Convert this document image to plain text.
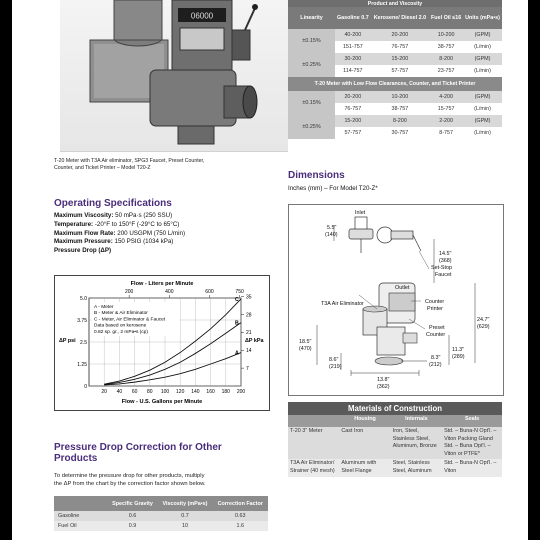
06000
T-20 Meter with T3A Air eliminator, SPG3 Faucet, Preset Counter,
Counter, and Ticket Printer – Model T20-Z
Product and Viscosity				
Linearity	Gasoline 0.7	Kerosene/ Diesel 2.0	Fuel Oil ≤16	Units (mPa•s)
±0.15%	40-200	20-200	10-200	(GPM)
	151-757	76-757	38-757	(L/min)
±0.25%	30-200	15-200	8-200	(GPM)
	114-757	57-757	23-757	(L/min)
T-20 Meter with Low Flow Clearances, Counter, and Ticket Printer				
±0.15%	20-200	10-200	4-200	(GPM)
	76-757	38-757	15-757	(L/min)
±0.25%	15-200	8-200	2-200	(GPM)
	57-757	30-757	8-757	(L/min)
Operating Specifications
Maximum Viscosity: 50 mPa·s (250 SSU)
Temperature: -20°F to 150°F (-29°C to 65°C)
Maximum Flow Rate: 200 USGPM (750 L/min)
Maximum Pressure: 150 PSIG (1034 kPa)
Pressure Drop (ΔP)
Dimensions
Inches (mm) – For Model T20-Z*
Inlet
5.5"
(140)
14.5"
(368)
Set-Stop
Faucet
Outlet
T3A Air Eliminator	Counter
Printer
Preset
Counter
24.7"
(629)
18.5"
(470)
8.6"
(219)
11.3"
(289)
8.3"
(212)
13.8"
(362)
Flow - Liters per Minute
Flow - U.S. Gallons per Minute
ΔP psi	ΔP kPa
20 40 60 80 100 120 140 160 180 200
200	400	600	750
5.0
3.75
2.5
1.25
0
35
28
21
14
7
A
B
C
A - Meter
B - Meter & Air Eliminator
C - Meter, Air Eliminator & Faucet
Data based on kerosene
0.82 sp. gr., 2 mPa•s (cp)
Pressure Drop Correction for Other
Products
To determine the pressure drop for other products, multiply
the ΔP from the chart by the correction factor shown below.
	Specific Gravity	Viscosity (mPa•s)	Correction Factor
Gasoline	0.6	0.7	0.63
Fuel Oil	0.9	10	1.6
Materials of Construction
	Housing	Internals	Seals
T-20 3" Meter	Cast Iron	Iron, Steel, Stainless Steel, Aluminum, Bronze	Std. – Buna-N Opt'l. – Viton Packing Gland Std. – Buna Opt'l. – Viton or PTFE*
T3A Air Eliminator/ Strainer (40 mesh)	Aluminum with Steel Flange	Steel, Stainless Steel, Aluminum	Std. – Buna-N Opt'l. – Viton
